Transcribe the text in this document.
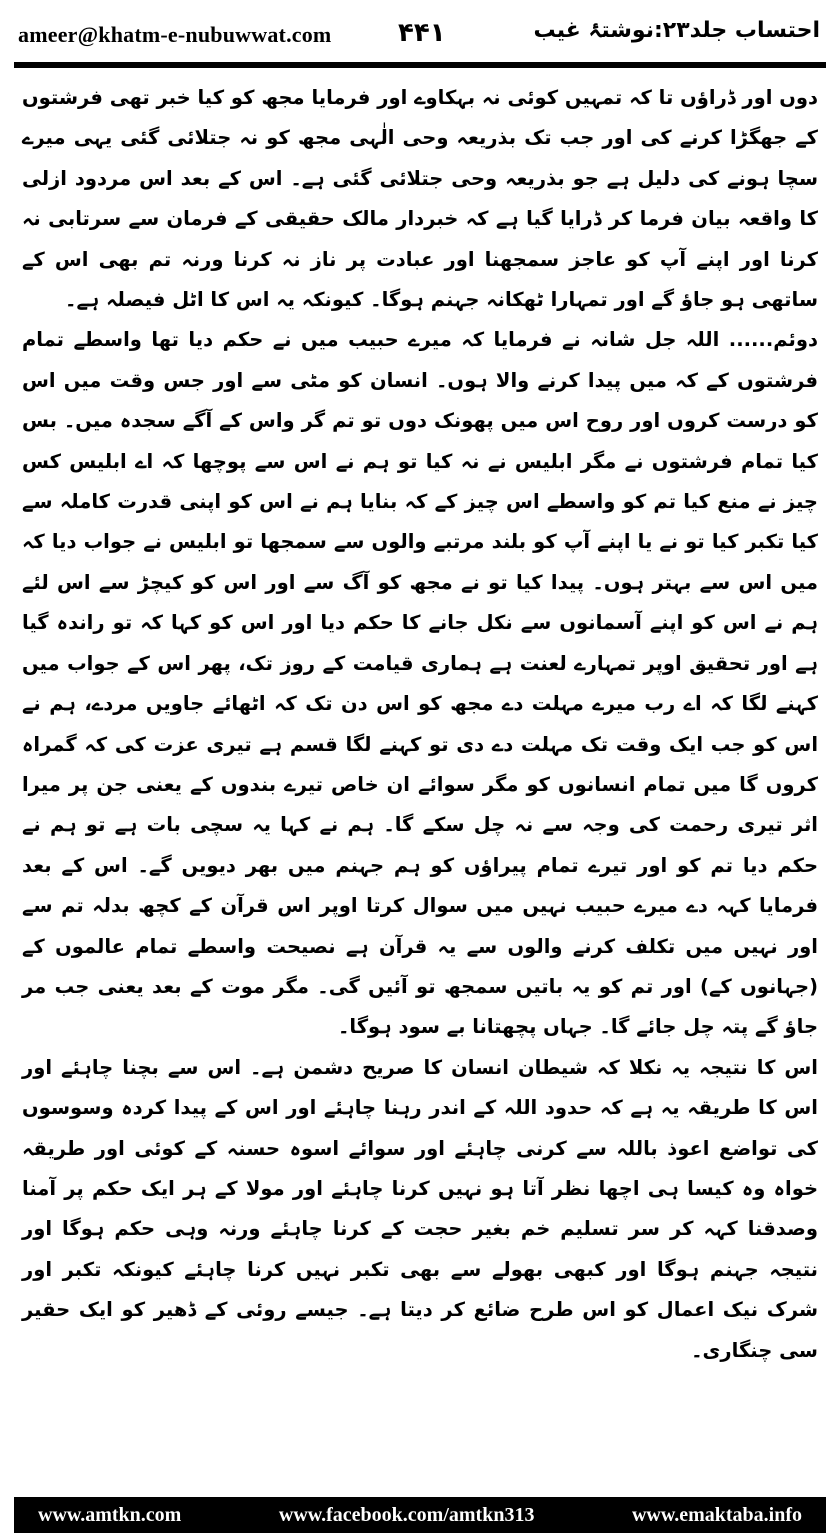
ameer@khatm-e-nubuwwat.com	۴۴۱	احتساب جلد۲۳:نوشتۂ غیب

دوں اور ڈراؤں تا کہ تمہیں کوئی نہ بہکاوے اور فرمایا مجھ کو کیا خبر تھی فرشتوں کے جھگڑا کرنے کی اور جب تک بذریعہ وحی الٰہی مجھ کو نہ جتلائی گئی یہی میرے سچا ہونے کی دلیل ہے جو بذریعہ وحی جتلائی گئی ہے۔ اس کے بعد اس مردود ازلی کا واقعہ بیان فرما کر ڈرایا گیا ہے کہ خبردار مالک حقیقی کے فرمان سے سرتابی نہ کرنا اور اپنے آپ کو عاجز سمجھنا اور عبادت پر ناز نہ کرنا ورنہ تم بھی اس کے ساتھی ہو جاؤ گے اور تمہارا ٹھکانہ جہنم ہوگا۔ کیونکہ یہ اس کا اٹل فیصلہ ہے۔

دوئم...... اللہ جل شانہ نے فرمایا کہ میرے حبیب میں نے حکم دیا تھا واسطے تمام فرشتوں کے کہ میں پیدا کرنے والا ہوں۔ انسان کو مٹی سے اور جس وقت میں اس کو درست کروں اور روح اس میں پھونک دوں تو تم گر واس کے آگے سجدہ میں۔ بس کیا تمام فرشتوں نے مگر ابلیس نے نہ کیا تو ہم نے اس سے پوچھا کہ اے ابلیس کس چیز نے منع کیا تم کو واسطے اس چیز کے کہ بنایا ہم نے اس کو اپنی قدرت کاملہ سے کیا تکبر کیا تو نے یا اپنے آپ کو بلند مرتبے والوں سے سمجھا تو ابلیس نے جواب دیا کہ میں اس سے بہتر ہوں۔ پیدا کیا تو نے مجھ کو آگ سے اور اس کو کیچڑ سے اس لئے ہم نے اس کو اپنے آسمانوں سے نکل جانے کا حکم دیا اور اس کو کہا کہ تو راندہ گیا ہے اور تحقیق اوپر تمہارے لعنت ہے ہماری قیامت کے روز تک، پھر اس کے جواب میں کہنے لگا کہ اے رب میرے مہلت دے مجھ کو اس دن تک کہ اٹھائے جاویں مردے، ہم نے اس کو جب ایک وقت تک مہلت دے دی تو کہنے لگا قسم ہے تیری عزت کی کہ گمراہ کروں گا میں تمام انسانوں کو مگر سوائے ان خاص تیرے بندوں کے یعنی جن پر میرا اثر تیری رحمت کی وجہ سے نہ چل سکے گا۔ ہم نے کہا یہ سچی بات ہے تو ہم نے حکم دیا تم کو اور تیرے تمام پیراؤں کو ہم جہنم میں بھر دیویں گے۔ اس کے بعد فرمایا کہہ دے میرے حبیب نہیں میں سوال کرتا اوپر اس قرآن کے کچھ بدلہ تم سے اور نہیں میں تکلف کرنے والوں سے یہ قرآن ہے نصیحت واسطے تمام عالموں کے (جہانوں کے) اور تم کو یہ باتیں سمجھ تو آئیں گی۔ مگر موت کے بعد یعنی جب مر جاؤ گے پتہ چل جائے گا۔ جہاں پچھتانا بے سود ہوگا۔

اس کا نتیجہ یہ نکلا کہ شیطان انسان کا صریح دشمن ہے۔ اس سے بچنا چاہئے اور اس کا طریقہ یہ ہے کہ حدود اللہ کے اندر رہنا چاہئے اور اس کے پیدا کردہ وسوسوں کی تواضع اعوذ باللہ سے کرنی چاہئے اور سوائے اسوہ حسنہ کے کوئی اور طریقہ خواہ وہ کیسا ہی اچھا نظر آتا ہو نہیں کرنا چاہئے اور مولا کے ہر ایک حکم پر آمنا وصدقنا کہہ کر سر تسلیم خم بغیر حجت کے کرنا چاہئے ورنہ وہی حکم ہوگا اور نتیجہ جہنم ہوگا اور کبھی بھولے سے بھی تکبر نہیں کرنا چاہئے کیونکہ تکبر اور شرک نیک اعمال کو اس طرح ضائع کر دیتا ہے۔ جیسے روئی کے ڈھیر کو ایک حقیر سی چنگاری۔

www.amtkn.com	www.facebook.com/amtkn313	www.emaktaba.info
